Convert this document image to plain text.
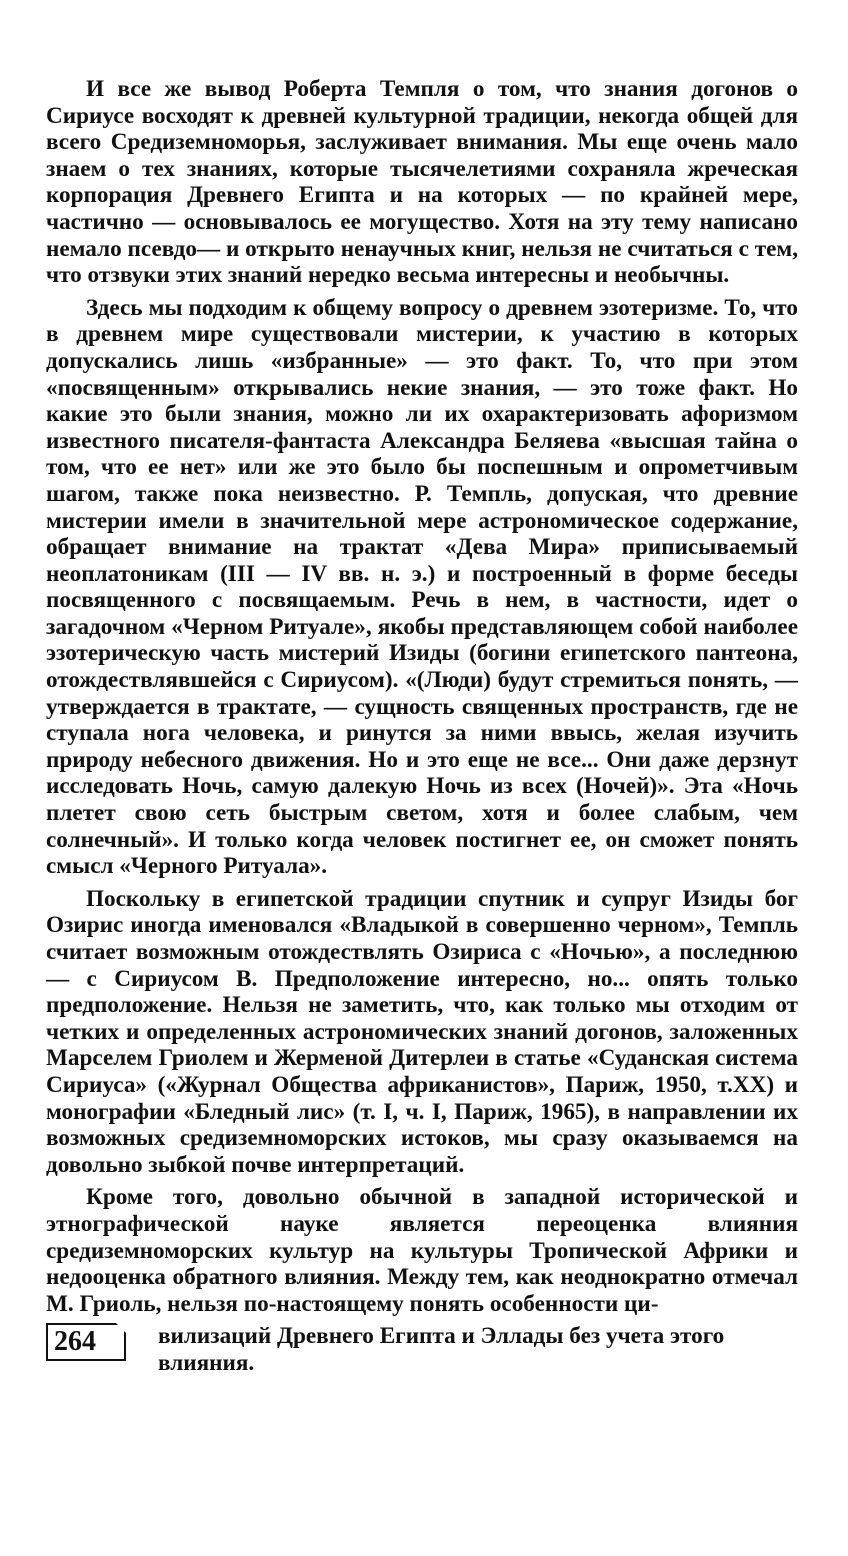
И все же вывод Роберта Темпля о том, что знания догонов о Сириусе восходят к древней культурной традиции, некогда общей для всего Средиземноморья, заслуживает внимания. Мы еще очень мало знаем о тех знаниях, которые тысячелетиями сохраняла жреческая корпорация Древнего Египта и на которых — по крайней мере, частично — основывалось ее могущество. Хотя на эту тему написано немало псевдо— и открыто ненаучных книг, нельзя не считаться с тем, что отзвуки этих знаний нередко весьма интересны и необычны.

Здесь мы подходим к общему вопросу о древнем эзотеризме. То, что в древнем мире существовали мистерии, к участию в которых допускались лишь «избранные» — это факт. То, что при этом «посвященным» открывались некие знания, — это тоже факт. Но какие это были знания, можно ли их охарактеризовать афоризмом известного писателя-фантаста Александра Беляева «высшая тайна о том, что ее нет» или же это было бы поспешным и опрометчивым шагом, также пока неизвестно. Р. Темпль, допуская, что древние мистерии имели в значительной мере астрономическое содержание, обращает внимание на трактат «Дева Мира» приписываемый неоплатоникам (III — IV вв. н. э.) и построенный в форме беседы посвященного с посвящаемым. Речь в нем, в частности, идет о загадочном «Черном Ритуале», якобы представляющем собой наиболее эзотерическую часть мистерий Изиды (богини египетского пантеона, отождествлявшейся с Сириусом). «(Люди) будут стремиться понять, — утверждается в трактате, — сущность священных пространств, где не ступала нога человека, и ринутся за ними ввысь, желая изучить природу небесного движения. Но и это еще не все... Они даже дерзнут исследовать Ночь, самую далекую Ночь из всех (Ночей)». Эта «Ночь плетет свою сеть быстрым светом, хотя и более слабым, чем солнечный». И только когда человек постигнет ее, он сможет понять смысл «Черного Ритуала».

Поскольку в египетской традиции спутник и супруг Изиды бог Озирис иногда именовался «Владыкой в совершенно черном», Темпль считает возможным отождествлять Озириса с «Ночью», а последнюю — с Сириусом В. Предположение интересно, но... опять только предположение. Нельзя не заметить, что, как только мы отходим от четких и определенных астрономических знаний догонов, заложенных Марселем Гриолем и Жерменой Дитерлеи в статье «Суданская система Сириуса» («Журнал Общества африканистов», Париж, 1950, т.XX) и монографии «Бледный лис» (т. I, ч. I, Париж, 1965), в направлении их возможных средиземноморских истоков, мы сразу оказываемся на довольно зыбкой почве интерпретаций.

Кроме того, довольно обычной в западной исторической и этнографической науке является переоценка влияния средиземноморских культур на культуры Тропической Африки и недооценка обратного влияния. Между тем, как неоднократно отмечал М. Гриоль, нельзя по-настоящему понять особенности ци-

264	вилизаций Древнего Египта и Эллады без учета этого влияния.
